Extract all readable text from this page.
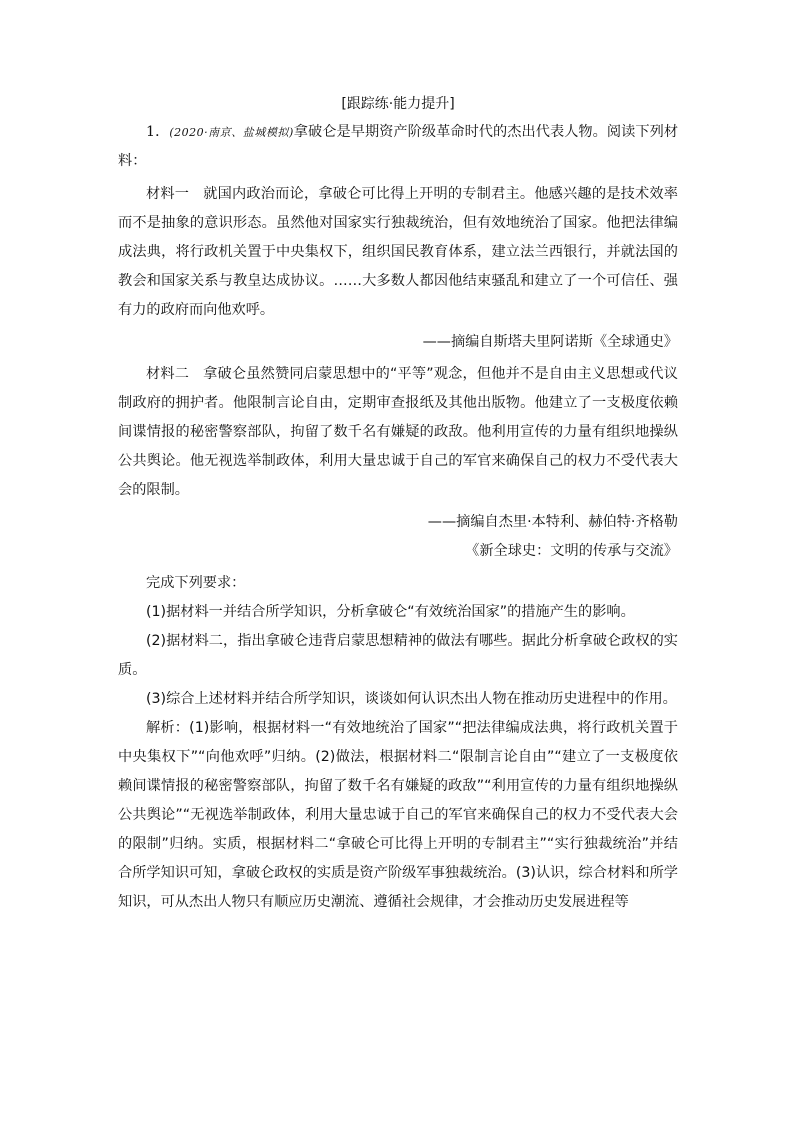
[跟踪练·能力提升]

1．(2020·南京、盐城模拟)拿破仑是早期资产阶级革命时代的杰出代表人物。阅读下列材料：

材料一 就国内政治而论，拿破仑可比得上开明的专制君主。他感兴趣的是技术效率而不是抽象的意识形态。虽然他对国家实行独裁统治，但有效地统治了国家。他把法律编成法典，将行政机关置于中央集权下，组织国民教育体系，建立法兰西银行，并就法国的教会和国家关系与教皇达成协议。……大多数人都因他结束骚乱和建立了一个可信任、强有力的政府而向他欢呼。

——摘编自斯塔夫里阿诺斯《全球通史》

材料二 拿破仑虽然赞同启蒙思想中的“平等”观念，但他并不是自由主义思想或代议制政府的拥护者。他限制言论自由，定期审查报纸及其他出版物。他建立了一支极度依赖间谍情报的秘密警察部队，拘留了数千名有嫌疑的政敌。他利用宣传的力量有组织地操纵公共舆论。他无视选举制政体，利用大量忠诚于自己的军官来确保自己的权力不受代表大会的限制。

——摘编自杰里·本特利、赫伯特·齐格勒

《新全球史：文明的传承与交流》

完成下列要求：

(1)据材料一并结合所学知识，分析拿破仑“有效统治国家”的措施产生的影响。

(2)据材料二，指出拿破仑违背启蒙思想精神的做法有哪些。据此分析拿破仑政权的实质。

(3)综合上述材料并结合所学知识，谈谈如何认识杰出人物在推动历史进程中的作用。

解析：(1)影响，根据材料一“有效地统治了国家”“把法律编成法典，将行政机关置于中央集权下”“向他欢呼”归纳。(2)做法，根据材料二“限制言论自由”“建立了一支极度依赖间谍情报的秘密警察部队，拘留了数千名有嫌疑的政敌”“利用宣传的力量有组织地操纵公共舆论”“无视选举制政体，利用大量忠诚于自己的军官来确保自己的权力不受代表大会的限制”归纳。实质，根据材料二“拿破仑可比得上开明的专制君主”“实行独裁统治”并结合所学知识可知，拿破仑政权的实质是资产阶级军事独裁统治。(3)认识，综合材料和所学知识，可从杰出人物只有顺应历史潮流、遵循社会规律，才会推动历史发展进程等
